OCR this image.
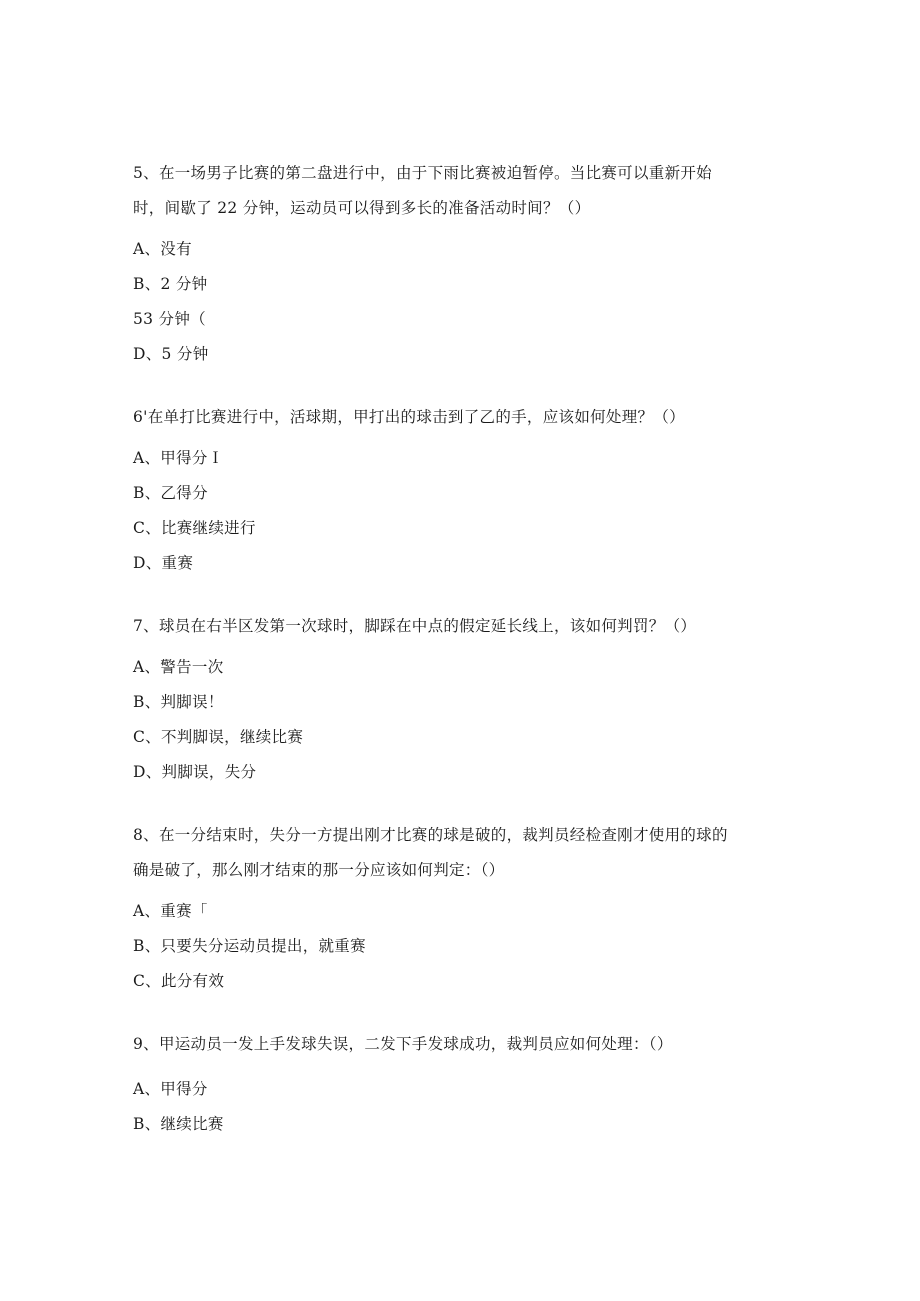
5、在一场男子比赛的第二盘进行中，由于下雨比赛被迫暂停。当比赛可以重新开始
时，间歇了 22 分钟，运动员可以得到多长的准备活动时间？（）
A、没有
B、2 分钟
53 分钟（
D、5 分钟
6'在单打比赛进行中，活球期，甲打出的球击到了乙的手，应该如何处理？（）
A、甲得分Ｉ
B、乙得分
C、比赛继续进行
D、重赛
7、球员在右半区发第一次球时，脚踩在中点的假定延长线上，该如何判罚？（）
A、警告一次
B、判脚误！
C、不判脚误，继续比赛
D、判脚误，失分
8、在一分结束时，失分一方提出刚才比赛的球是破的，裁判员经检查刚才使用的球的
确是破了，那么刚才结束的那一分应该如何判定：（）
A、重赛「
B、只要失分运动员提出，就重赛
C、此分有效
9、甲运动员一发上手发球失误，二发下手发球成功，裁判员应如何处理：（）
A、甲得分
B、继续比赛
